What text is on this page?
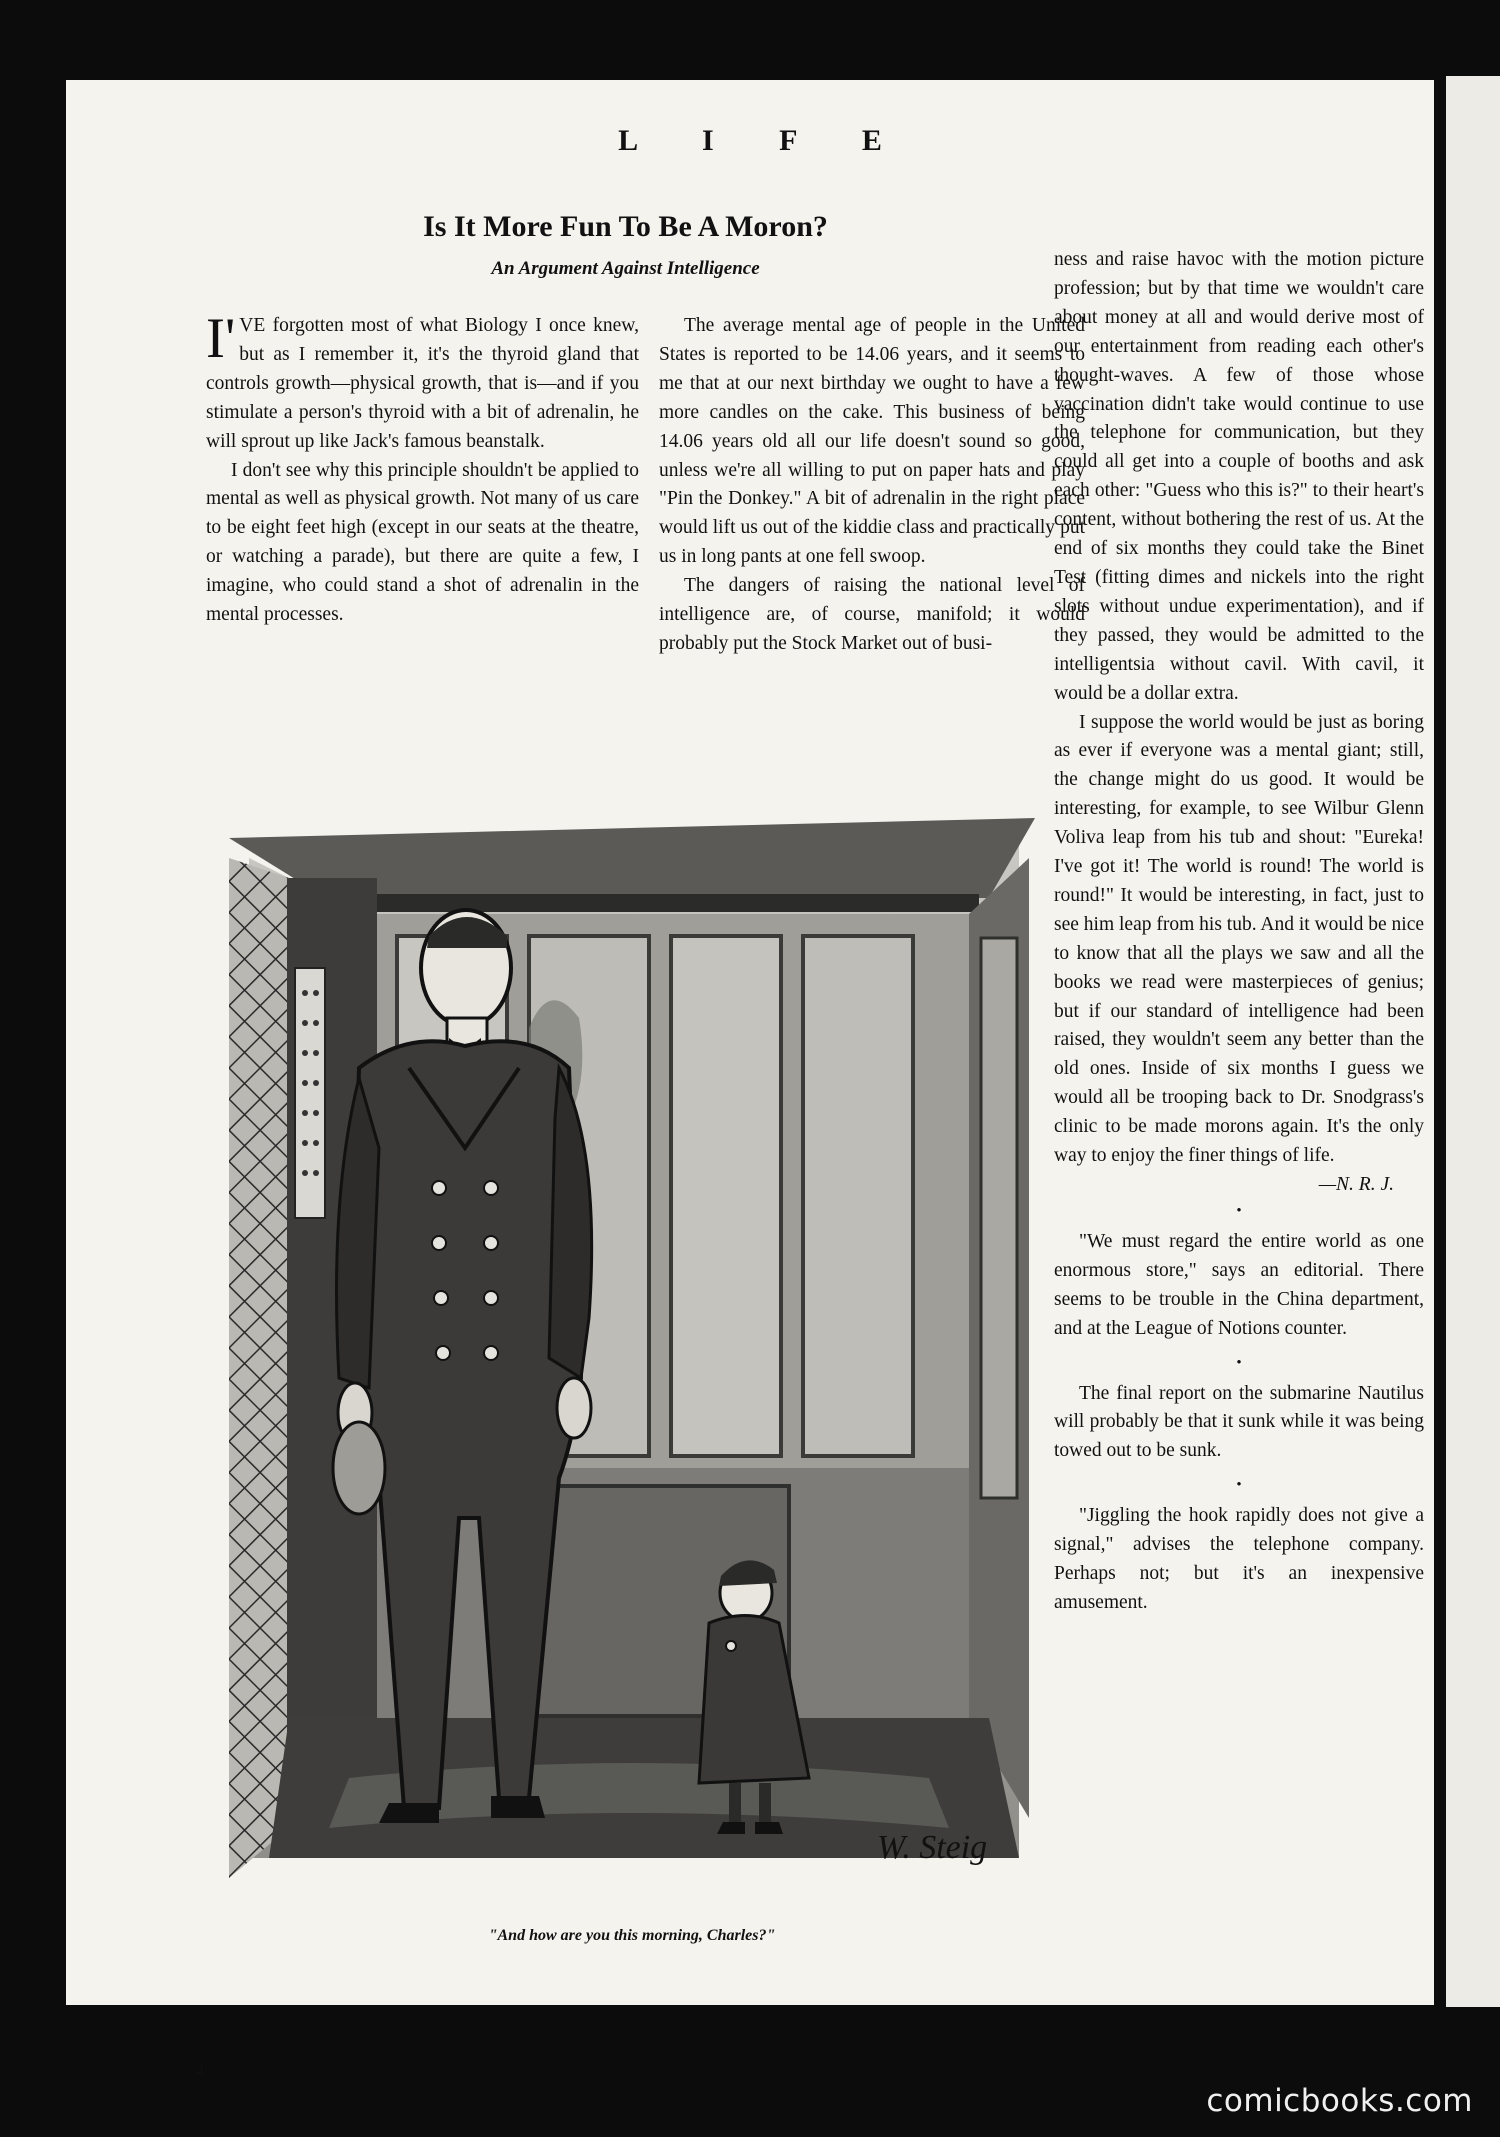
L I F E
Is It More Fun To Be A Moron?
An Argument Against Intelligence

I'VE forgotten most of what Biology I once knew, but as I remember it, it's the thyroid gland that controls growth—physical growth, that is—and if you stimulate a person's thyroid with a bit of adrenalin, he will sprout up like Jack's famous beanstalk.

I don't see why this principle shouldn't be applied to mental as well as physical growth. Not many of us care to be eight feet high (except in our seats at the theatre, or watching a parade), but there are quite a few, I imagine, who could stand a shot of adrenalin in the mental processes.

The average mental age of people in the United States is reported to be 14.06 years, and it seems to me that at our next birthday we ought to have a few more candles on the cake. This business of being 14.06 years old all our life doesn't sound so good, unless we're all willing to put on paper hats and play "Pin the Donkey." A bit of adrenalin in the right place would lift us out of the kiddie class and practically put us in long pants at one fell swoop.

The dangers of raising the national level of intelligence are, of course, manifold; it would probably put the Stock Market out of busi-

ness and raise havoc with the motion picture profession; but by that time we wouldn't care about money at all and would derive most of our entertainment from reading each other's thought-waves. A few of those whose vaccination didn't take would continue to use the telephone for communication, but they could all get into a couple of booths and ask each other: "Guess who this is?" to their heart's content, without bothering the rest of us. At the end of six months they could take the Binet Test (fitting dimes and nickels into the right slots without undue experimentation), and if they passed, they would be admitted to the intelligentsia without cavil. With cavil, it would be a dollar extra.

I suppose the world would be just as boring as ever if everyone was a mental giant; still, the change might do us good. It would be interesting, for example, to see Wilbur Glenn Voliva leap from his tub and shout: "Eureka! I've got it! The world is round! The world is round!" It would be interesting, in fact, just to see him leap from his tub. And it would be nice to know that all the plays we saw and all the books we read were masterpieces of genius; but if our standard of intelligence had been raised, they wouldn't seem any better than the old ones. Inside of six months I guess we would all be trooping back to Dr. Snodgrass's clinic to be made morons again. It's the only way to enjoy the finer things of life.

—N. R. J.

•

"We must regard the entire world as one enormous store," says an editorial. There seems to be trouble in the China department, and at the League of Notions counter.

•

The final report on the submarine Nautilus will probably be that it sunk while it was being towed out to be sunk.

•

"Jiggling the hook rapidly does not give a signal," advises the telephone company. Perhaps not; but it's an inexpensive amusement.

W. Steig

"And how are you this morning, Charles?"

4
comicbooks.com
